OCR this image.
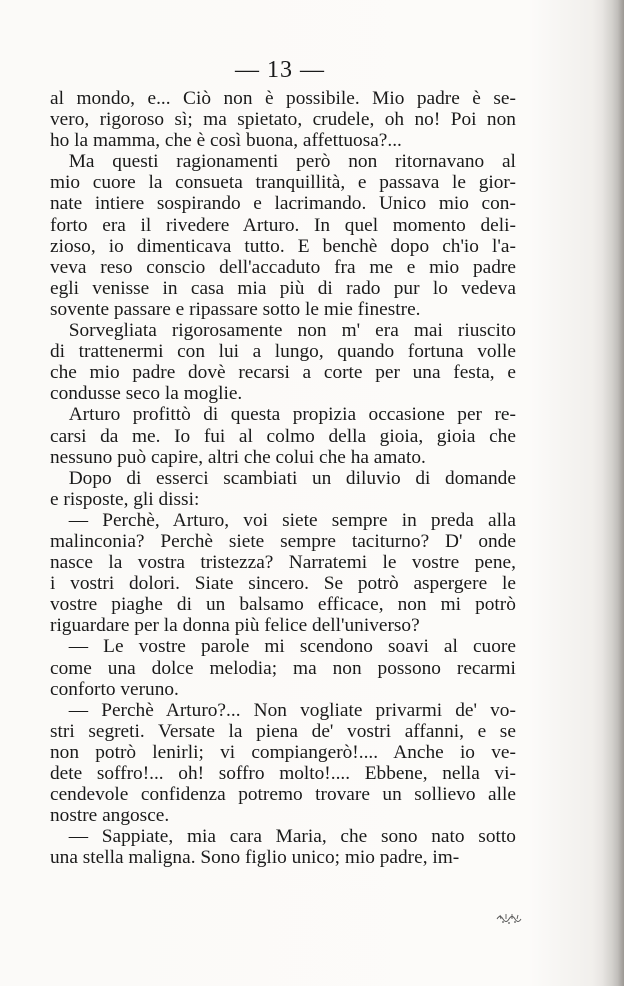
— 13 —
al mondo, e... Ciò non è possibile. Mio padre è se-
vero, rigoroso sì; ma spietato, crudele, oh no! Poi non
ho la mamma, che è così buona, affettuosa?...
Ma questi ragionamenti però non ritornavano al
mio cuore la consueta tranquillità, e passava le gior-
nate intiere sospirando e lacrimando. Unico mio con-
forto era il rivedere Arturo. In quel momento deli-
zioso, io dimenticava tutto. E benchè dopo ch'io l'a-
veva reso conscio dell'accaduto fra me e mio padre
egli venisse in casa mia più di rado pur lo vedeva
sovente passare e ripassare sotto le mie finestre.
Sorvegliata rigorosamente non m' era mai riuscito
di trattenermi con lui a lungo, quando fortuna volle
che mio padre dovè recarsi a corte per una festa, e
condusse seco la moglie.
Arturo profittò di questa propizia occasione per re-
carsi da me. Io fui al colmo della gioia, gioia che
nessuno può capire, altri che colui che ha amato.
Dopo di esserci scambiati un diluvio di domande
e risposte, gli dissi:
— Perchè, Arturo, voi siete sempre in preda alla
malinconia? Perchè siete sempre taciturno? D' onde
nasce la vostra tristezza? Narratemi le vostre pene,
i vostri dolori. Siate sincero. Se potrò aspergere le
vostre piaghe di un balsamo efficace, non mi potrò
riguardare per la donna più felice dell'universo?
— Le vostre parole mi scendono soavi al cuore
come una dolce melodia; ma non possono recarmi
conforto veruno.
— Perchè Arturo?... Non vogliate privarmi de' vo-
stri segreti. Versate la piena de' vostri affanni, e se
non potrò lenirli; vi compiangerò!.... Anche io ve-
dete soffro!... oh! soffro molto!.... Ebbene, nella vi-
cendevole confidenza potremo trovare un sollievo alle
nostre angosce.
— Sappiate, mia cara Maria, che sono nato sotto
una stella maligna. Sono figlio unico; mio padre, im-
